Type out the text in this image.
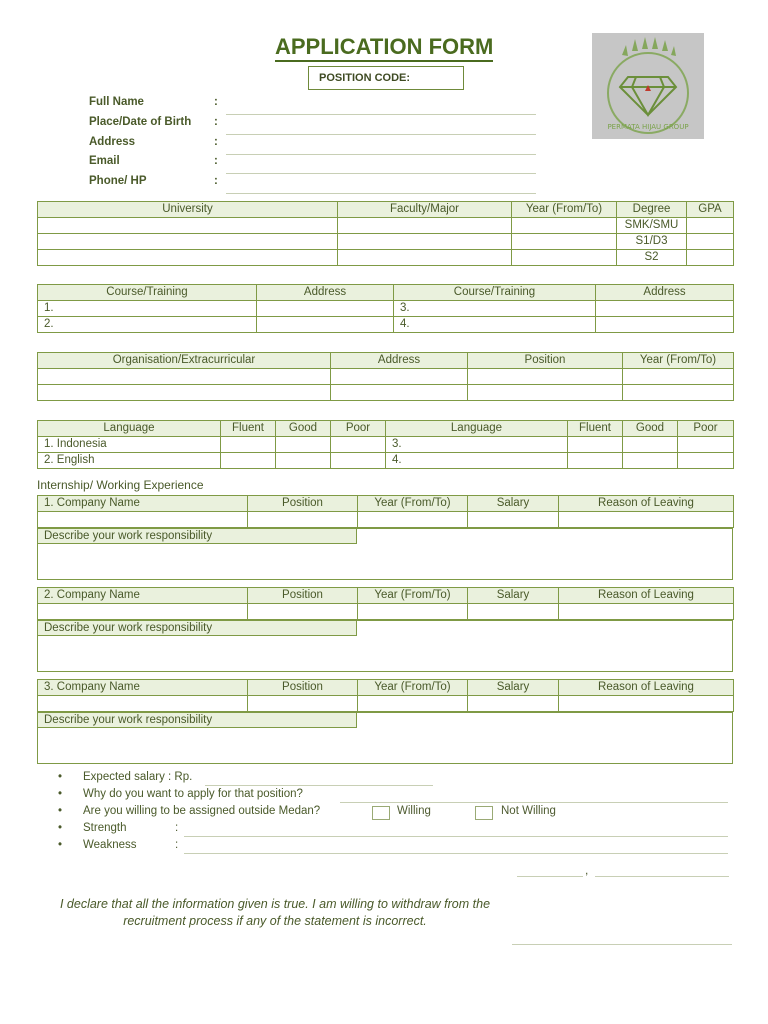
APPLICATION FORM
POSITION CODE:
PERMATA HIJAU GROUP
Full Name	:
Place/Date of Birth :
Address	:
Email	:
Phone/ HP	:
University	Faculty/Major	Year (From/To)	Degree	GPA
			SMK/SMU	
			S1/D3	
			S2	
Course/Training	Address	Course/Training	Address
1.		3.	
2.		4.	
Organisation/Extracurricular	Address	Position	Year (From/To)

Language	Fluent	Good	Poor	Language	Fluent	Good	Poor
1. Indonesia				3.			
2. English				4.			
Internship/ Working Experience
1. Company Name	Position	Year (From/To)	Salary	Reason of Leaving

Describe your work responsibility
2. Company Name	Position	Year (From/To)	Salary	Reason of Leaving

Describe your work responsibility
3. Company Name	Position	Year (From/To)	Salary	Reason of Leaving

Describe your work responsibility
• Expected salary : Rp.
• Why do you want to apply for that position?
• Are you willing to be assigned outside Medan?	Willing	Not Willing
• Strength	:
• Weakness	:
,
I declare that all the information given is true. I am willing to withdraw from the recruitment process if any of the statement is incorrect.
